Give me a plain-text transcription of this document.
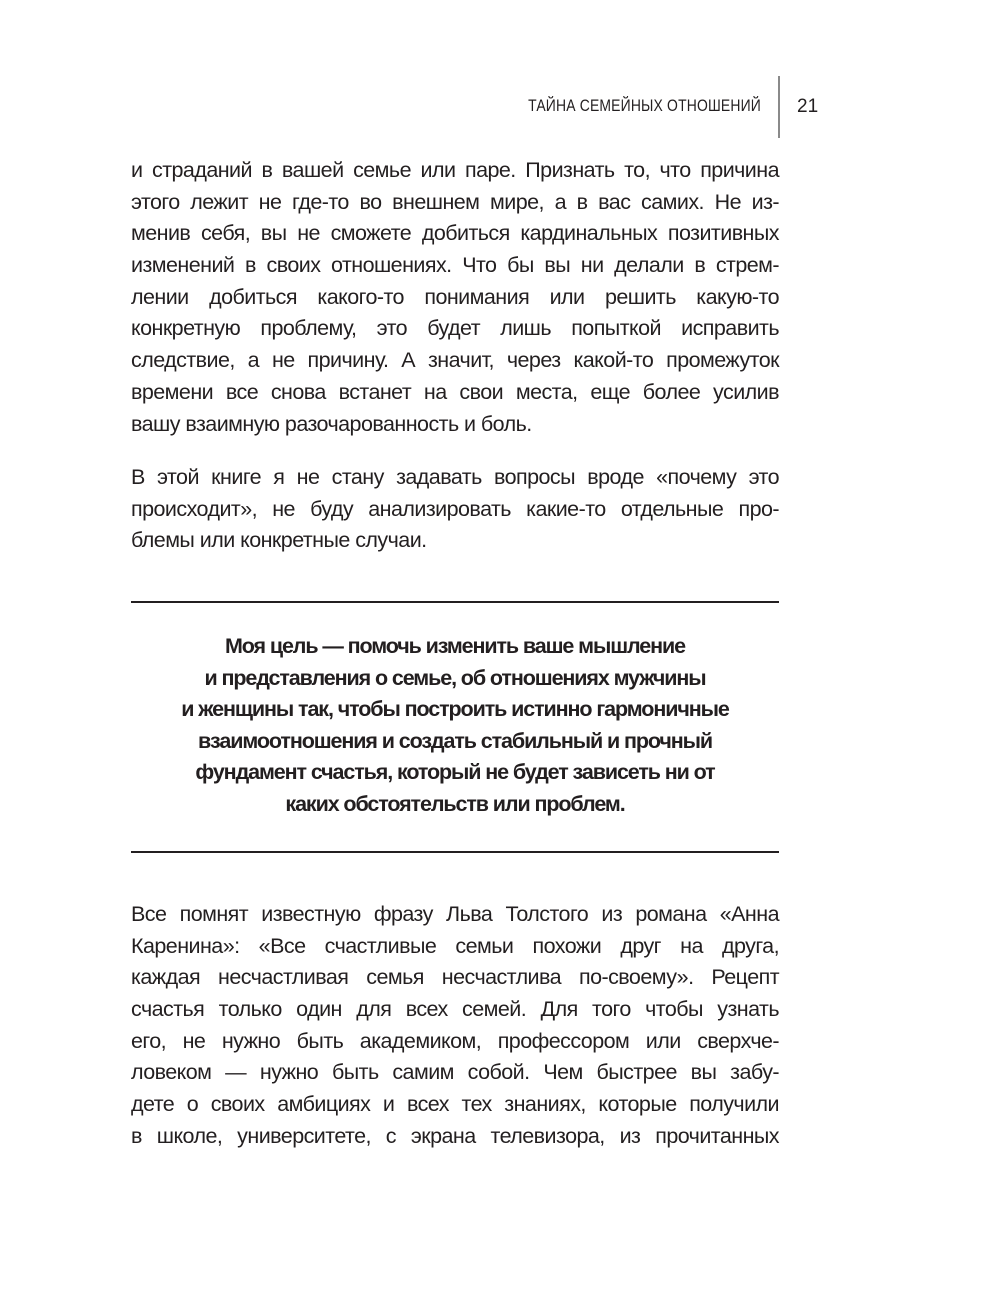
ТАЙНА СЕМЕЙНЫХ ОТНОШЕНИЙ 21
и страданий в вашей семье или паре. Признать то, что причина
этого лежит не где-то во внешнем мире, а в вас самих. Не из-
менив себя, вы не сможете добиться кардинальных позитивных
изменений в своих отношениях. Что бы вы ни делали в стрем-
лении добиться какого-то понимания или решить какую-то
конкретную проблему, это будет лишь попыткой исправить
следствие, а не причину. А значит, через какой-то промежуток
времени все снова встанет на свои места, еще более усилив
вашу взаимную разочарованность и боль.
В этой книге я не стану задавать вопросы вроде «почему это
происходит», не буду анализировать какие-то отдельные про-
блемы или конкретные случаи.
Моя цель — помочь изменить ваше мышление
и представления о семье, об отношениях мужчины
и женщины так, чтобы построить истинно гармоничные
взаимоотношения и создать стабильный и прочный
фундамент счастья, который не будет зависеть ни от
каких обстоятельств или проблем.
Все помнят известную фразу Льва Толстого из романа «Анна
Каренина»: «Все счастливые семьи похожи друг на друга,
каждая несчастливая семья несчастлива по-своему». Рецепт
счастья только один для всех семей. Для того чтобы узнать
его, не нужно быть академиком, профессором или сверхче-
ловеком — нужно быть самим собой. Чем быстрее вы забу-
дете о своих амбициях и всех тех знаниях, которые получили
в школе, университете, с экрана телевизора, из прочитанных
